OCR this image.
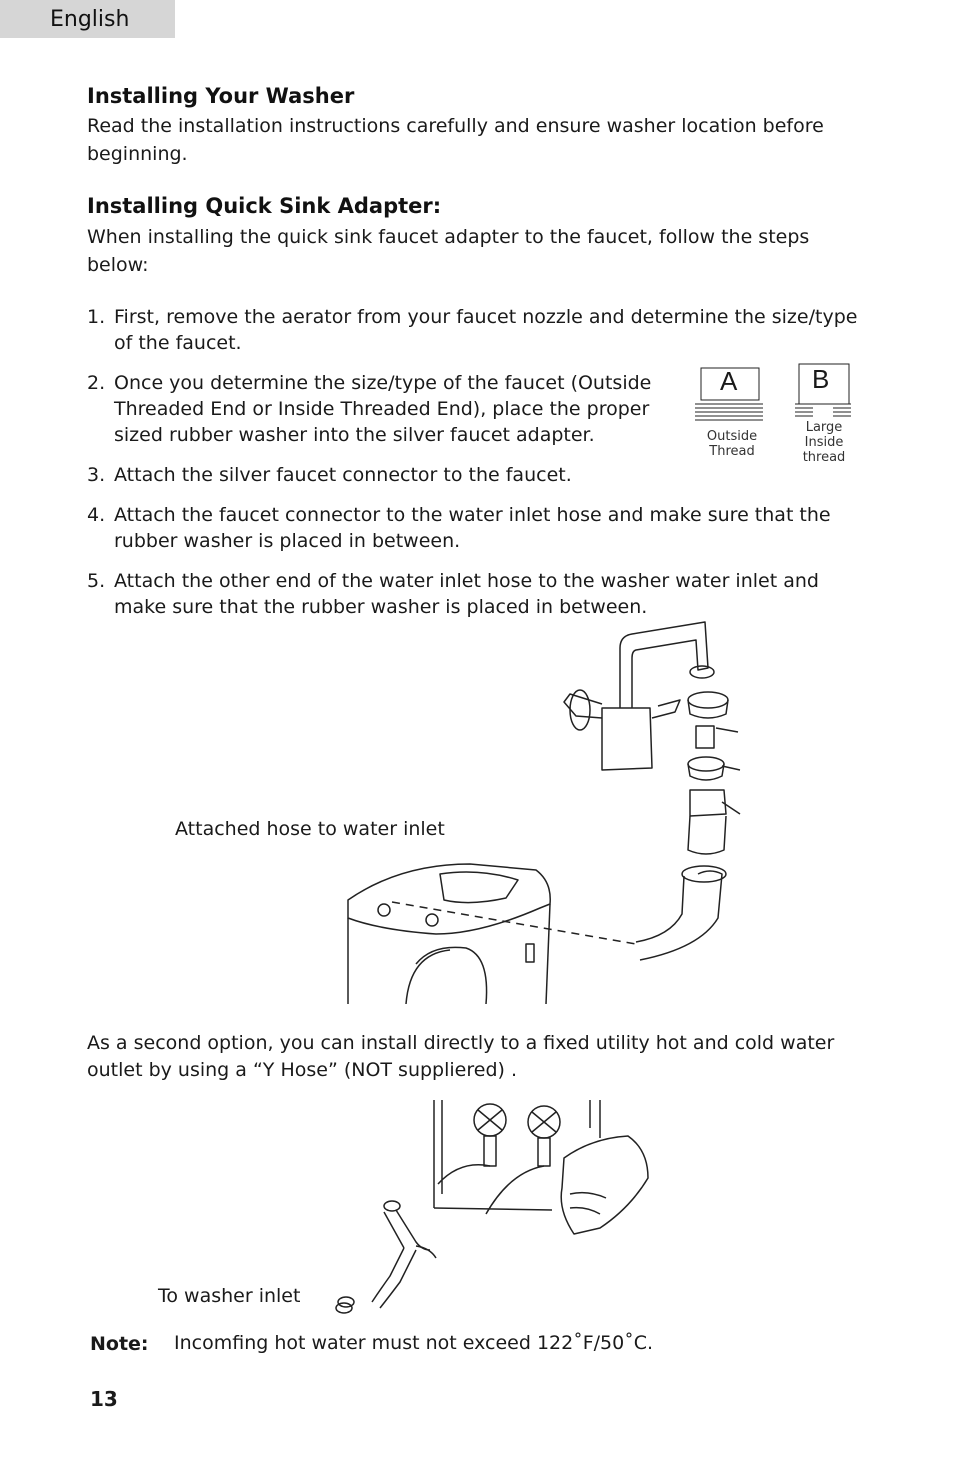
English
Installing Your Washer
Read the installation instructions carefully and ensure washer location before beginning.
Installing Quick Sink Adapter:
When installing the quick sink faucet adapter to the faucet, follow the steps below:
1. First, remove the aerator from your faucet nozzle and determine the size/type of the faucet.
2. Once you determine the size/type of the faucet (Outside Threaded End or Inside Threaded End), place the proper sized rubber washer into the silver faucet adapter.
3. Attach the silver faucet connector to the faucet.
4. Attach the faucet connector to the water inlet hose and make sure that the rubber washer is placed in between.
5. Attach the other end of the water inlet hose to the washer water inlet and make sure that the rubber washer is placed in between.
A	B
Outside
Thread
Large
Inside
thread
Attached hose to water inlet
As a second option, you can install directly to a fixed utility hot and cold water outlet by using a “Y Hose” (NOT suppliered) .
To washer inlet
Note: Incomfing hot water must not exceed 122˚F/50˚C.
13
